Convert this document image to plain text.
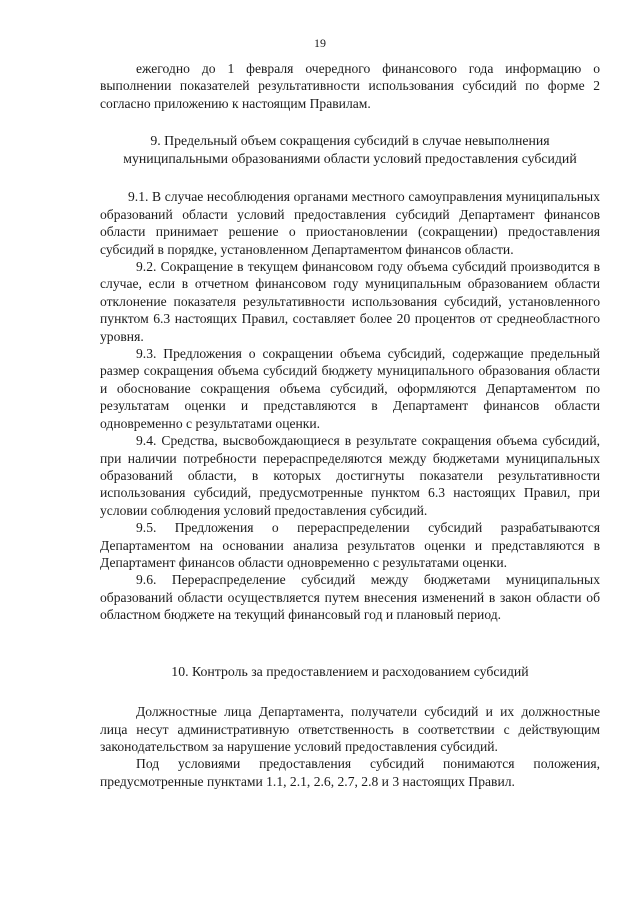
19

ежегодно до 1 февраля очередного финансового года информацию о выполнении показателей результативности использования субсидий по форме 2 согласно приложению к настоящим Правилам.

9. Предельный объем сокращения субсидий в случае невыполнения

муниципальными образованиями области условий предоставления субсидий

9.1. В случае несоблюдения органами местного самоуправления муниципальных образований области условий предоставления субсидий Департамент финансов области принимает решение о приостановлении (сокращении) предоставления субсидий в порядке, установленном Департаментом финансов области.

9.2. Сокращение в текущем финансовом году объема субсидий производится в случае, если в отчетном финансовом году муниципальным образованием области отклонение показателя результативности использования субсидий, установленного пунктом 6.3 настоящих Правил, составляет более 20 процентов от среднеобластного уровня.

9.3. Предложения о сокращении объема субсидий, содержащие предельный размер сокращения объема субсидий бюджету муниципального образования области и обоснование сокращения объема субсидий, оформляются Департаментом по результатам оценки и представляются в Департамент финансов области одновременно с результатами оценки.

9.4. Средства, высвобождающиеся в результате сокращения объема субсидий, при наличии потребности перераспределяются между бюджетами муниципальных образований области, в которых достигнуты показатели результативности использования субсидий, предусмотренные пунктом 6.3 настоящих Правил, при условии соблюдения условий предоставления субсидий.

9.5. Предложения о перераспределении субсидий разрабатываются Департаментом на основании анализа результатов оценки и представляются в Департамент финансов области одновременно с результатами оценки.

9.6. Перераспределение субсидий между бюджетами муниципальных образований области осуществляется путем внесения изменений в закон области об областном бюджете на текущий финансовый год и плановый период.

10. Контроль за предоставлением и расходованием субсидий

Должностные лица Департамента, получатели субсидий и их должностные лица несут административную ответственность в соответствии с действующим законодательством за нарушение условий предоставления субсидий.

Под условиями предоставления субсидий понимаются положения, предусмотренные пунктами 1.1, 2.1, 2.6, 2.7, 2.8 и 3 настоящих Правил.
